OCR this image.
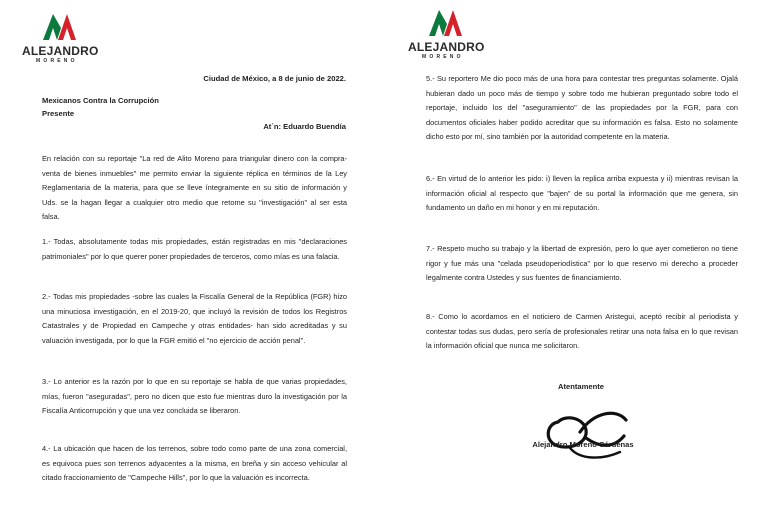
ALEJANDRO
MORENO
Ciudad de México, a 8 de junio de 2022.
Mexicanos Contra la Corrupción
Presente
At´n: Eduardo Buendía
En relación con su reportaje "La red de Alito Moreno para triangular dinero con la compra-venta de bienes inmuebles" me permito enviar la siguiente réplica en términos de la Ley Reglamentaria de la materia, para que se lleve íntegramente en su sitio de información y Uds. se la hagan llegar a cualquier otro medio que retome su "investigación" al ser esta falsa.
1.- Todas, absolutamente todas mis propiedades, están registradas en mis "declaraciones patrimoniales" por lo que querer poner propiedades de terceros, como mías es una falacia.
2.- Todas mis propiedades -sobre las cuales la Fiscalía General de la República (FGR) hizo una minuciosa investigación, en el 2019-20, que incluyó la revisión de todos los Registros Catastrales y de Propiedad en Campeche y otras entidades- han sido acreditadas y su valuación investigada, por lo que la FGR emitió el "no ejercicio de acción penal".
3.- Lo anterior es la razón por lo que en su reportaje se habla de que varias propiedades, mías, fueron "aseguradas", pero no dicen que esto fue mientras duro la investigación por la Fiscalía Anticorrupción y que una vez concluida se liberaron.
4.- La ubicación que hacen de los terrenos, sobre todo como parte de una zona comercial, es equivoca pues son terrenos adyacentes a la misma, en breña y sin acceso vehicular al citado fraccionamiento de "Campeche Hills", por lo que la valuación es incorrecta.
ALEJANDRO
MORENO
5.- Su reportero Me dio poco más de una hora para contestar tres preguntas solamente. Ojalá hubieran dado un poco más de tiempo y sobre todo me hubieran preguntado sobre todo el reportaje, incluido los del "aseguramiento" de las propiedades por la FGR, para con documentos oficiales haber podido acreditar que su información es falsa. Esto no solamente dicho esto por mí, sino también por la autoridad competente en la materia.
6.- En virtud de lo anterior les pido: i) lleven la replica arriba expuesta y ii) mientras revisan la información oficial al respecto que "bajen" de su portal la información que me genera, sin fundamento un daño en mi honor y en mi reputación.
7.- Respeto mucho su trabajo y la libertad de expresión, pero lo que ayer cometieron no tiene rigor y fue más una "celada pseudoperiodística" por lo que reservo mi derecho a proceder legalmente contra Ustedes y sus fuentes de financiamiento.
8.- Como lo acordamos en el noticiero de Carmen Aristegui, aceptó recibir al periodista y contestar todas sus dudas, pero sería de profesionales retirar una nota falsa en lo que revisan la información oficial que nunca me solicitaron.
Atentamente
Alejandro Moreno Cárdenas
